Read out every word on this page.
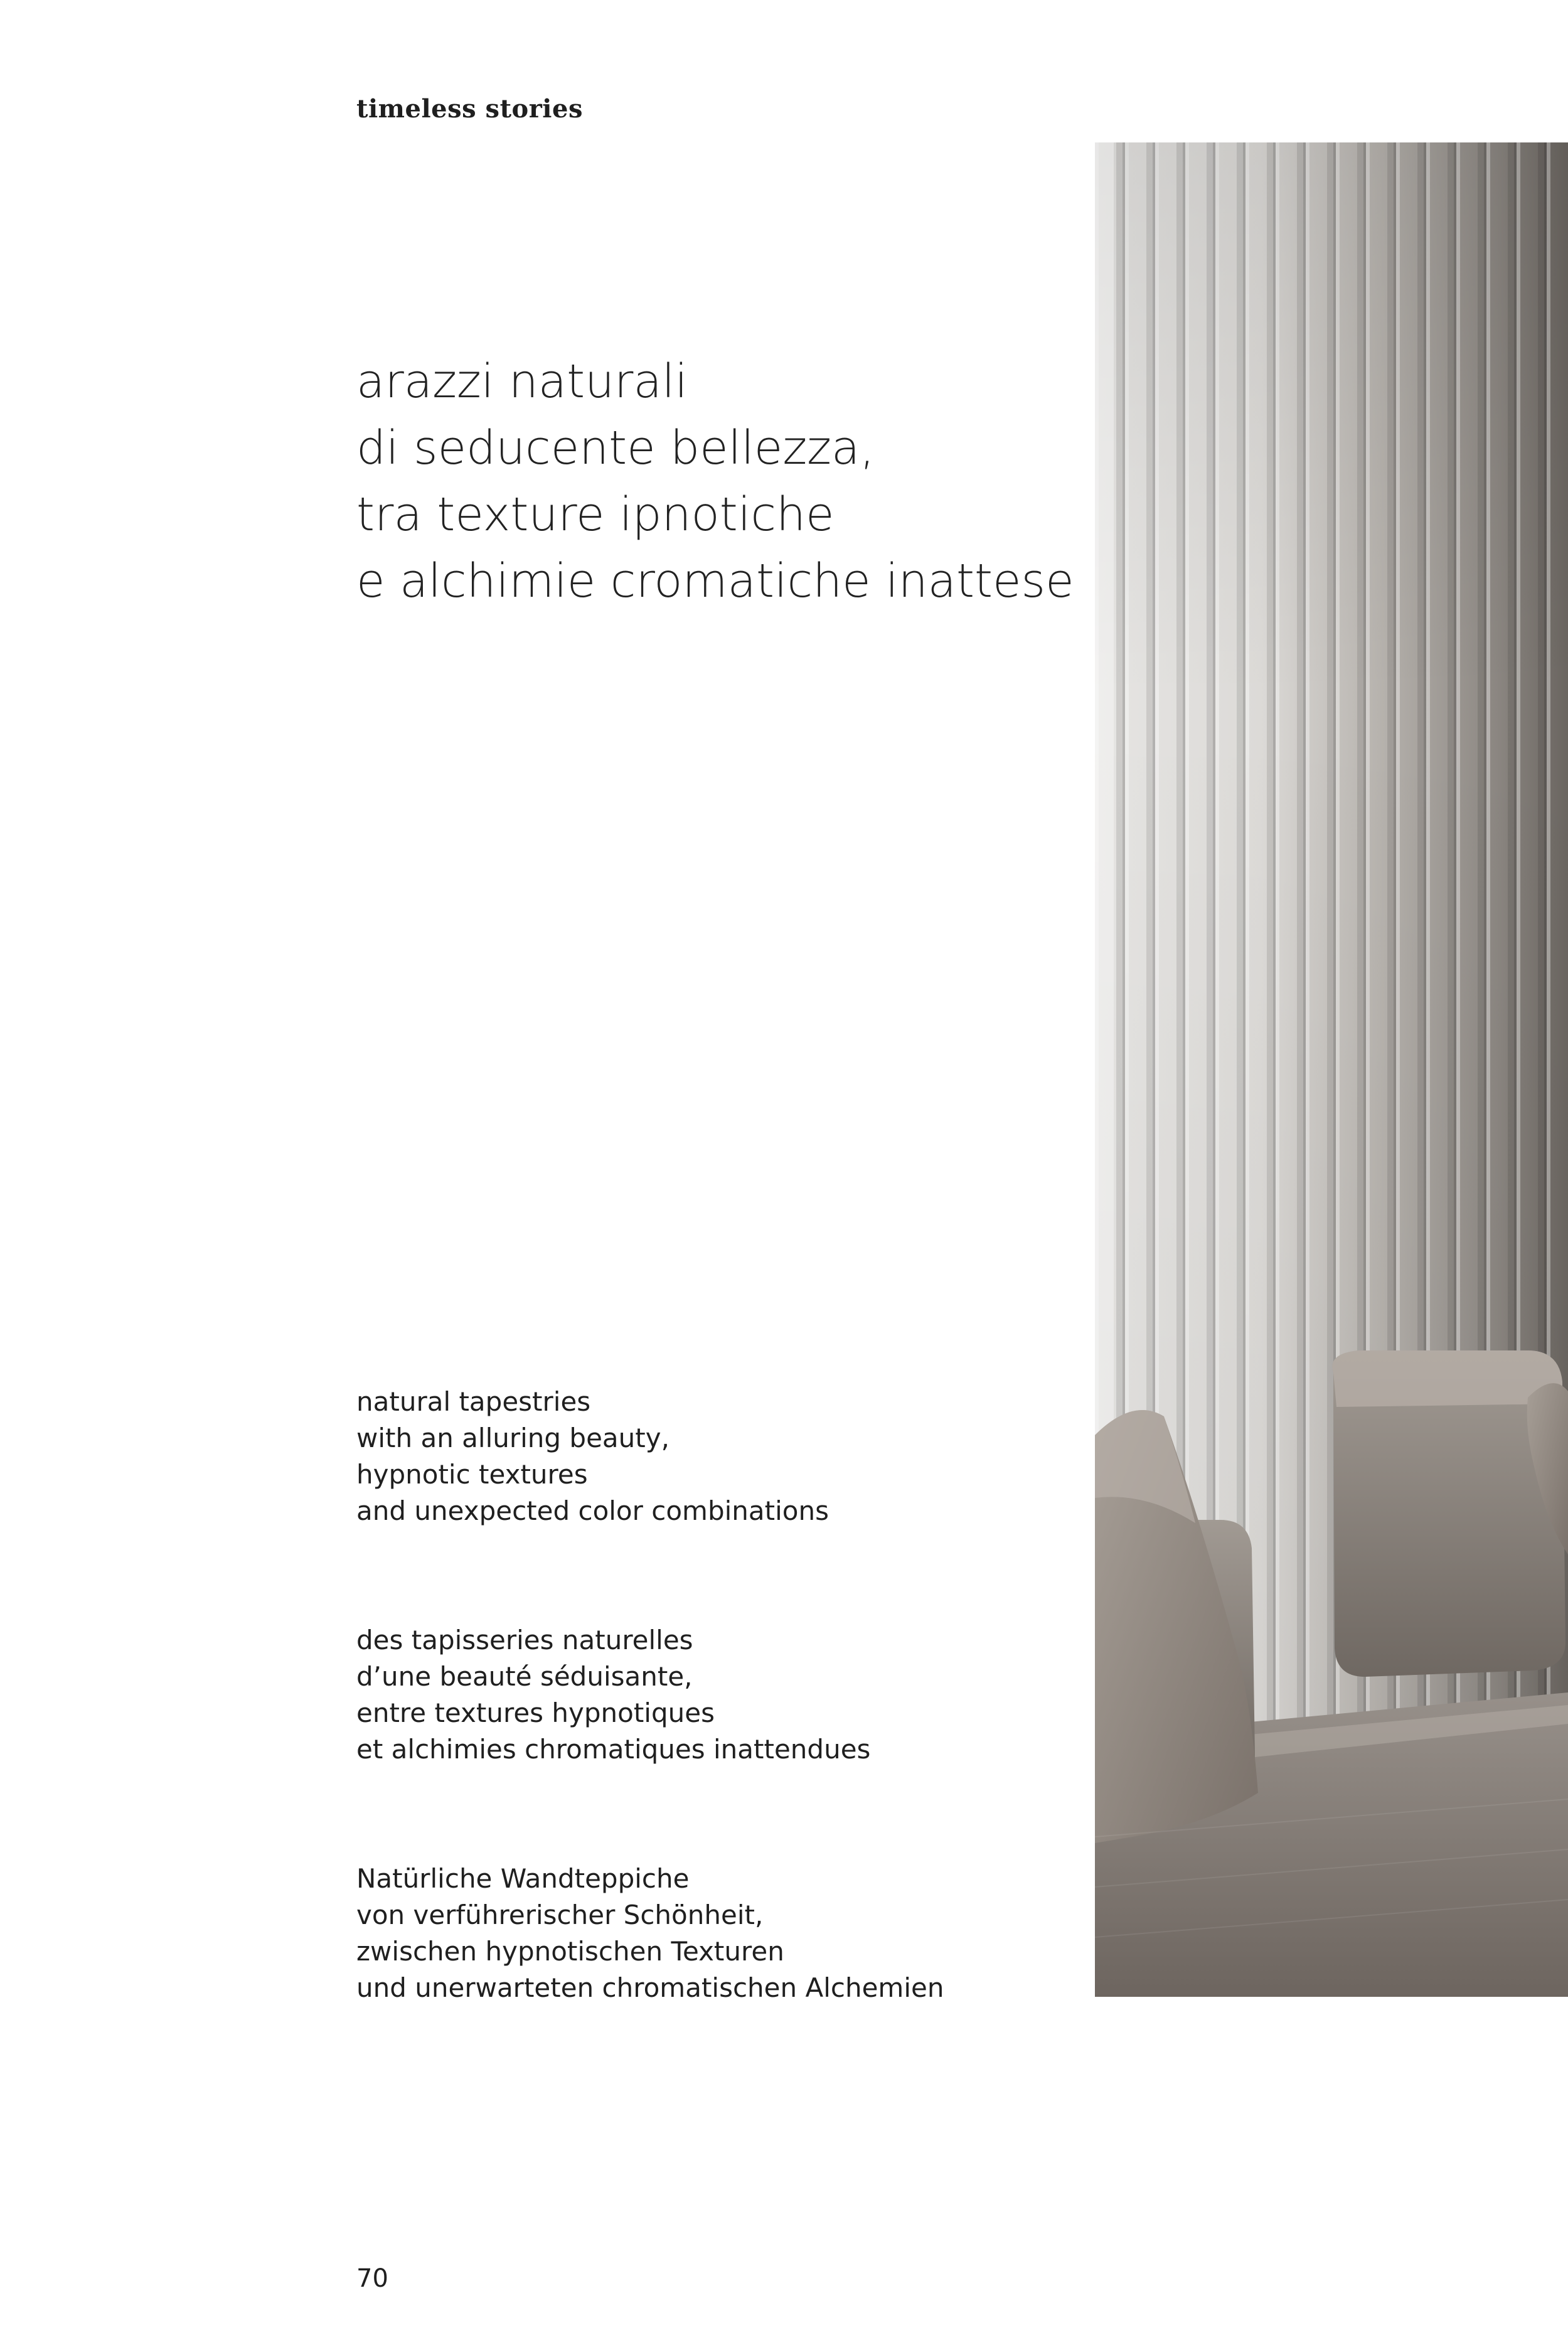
timeless stories
arazzi naturali
di seducente bellezza,
tra texture ipnotiche
e alchimie cromatiche inattese
natural tapestries
with an alluring beauty,
hypnotic textures
and unexpected color combinations
des tapisseries naturelles
d’une beauté séduisante,
entre textures hypnotiques
et alchimies chromatiques inattendues
Natürliche Wandteppiche
von verführerischer Schönheit,
zwischen hypnotischen Texturen
und unerwarteten chromatischen Alchemien
70
